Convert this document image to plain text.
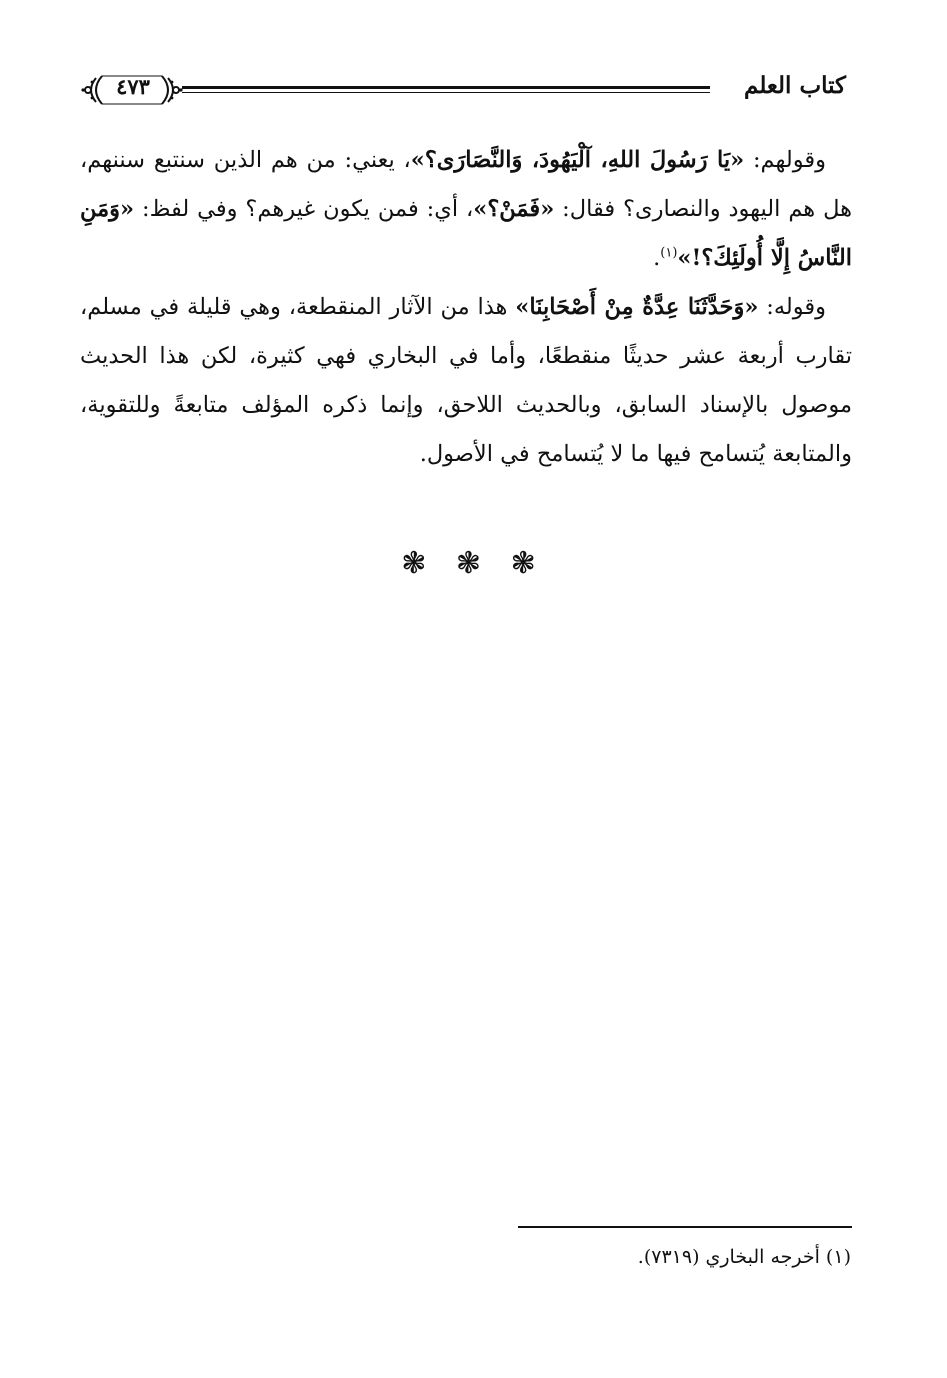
كتاب العلم
٤٧٣

وقولهم: «يَا رَسُولَ اللهِ، آلْيَهُودَ، وَالنَّصَارَى؟»، يعني: من هم الذين سنتبع سننهم، هل هم اليهود والنصارى؟ فقال: «فَمَنْ؟»، أي: فمن يكون غيرهم؟ وفي لفظ: «وَمَنِ النَّاسُ إِلَّا أُولَئِكَ؟!»$^{(١)}$.

وقوله: «وَحَدَّثَنَا عِدَّةٌ مِنْ أَصْحَابِنَا» هذا من الآثار المنقطعة، وهي قليلة في مسلم، تقارب أربعة عشر حديثًا منقطعًا، وأما في البخاري فهي كثيرة، لكن هذا الحديث موصول بالإسناد السابق، وبالحديث اللاحق، وإنما ذكره المؤلف متابعةً وللتقوية، والمتابعة يُتسامح فيها ما لا يُتسامح في الأصول.

❃ ❃ ❃
(١) أخرجه البخاري (٧٣١٩).
